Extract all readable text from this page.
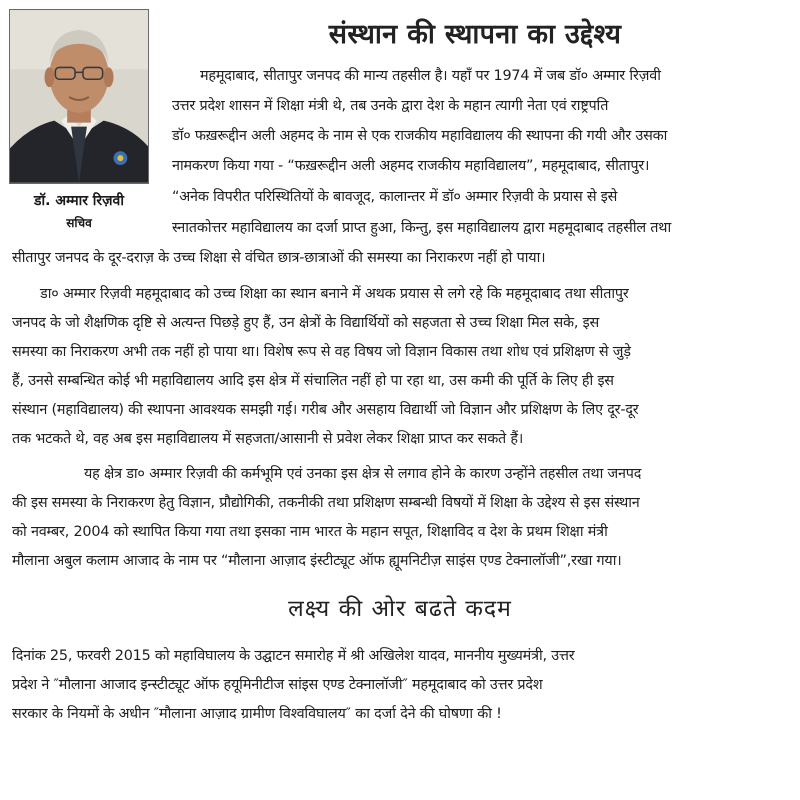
डॉ. अम्मार रिज़वी
सचिव
संस्थान की स्थापना का उद्देश्य
महमूदाबाद, सीतापुर जनपद की मान्य तहसील है। यहाँ पर 1974 में जब डॉ० अम्मार रिज़वी
उत्तर प्रदेश शासन में शिक्षा मंत्री थे, तब उनके द्वारा देश के महान त्यागी नेता एवं राष्ट्रपति
डॉ० फख़रूद्दीन अली अहमद के नाम से एक राजकीय महाविद्यालय की स्थापना की गयी और उसका
नामकरण किया गया - “फख़रूद्दीन अली अहमद राजकीय महाविद्यालय”, महमूदाबाद, सीतापुर।
“अनेक विपरीत परिस्थितियों के बावजूद, कालान्तर में डॉ० अम्मार रिज़वी के प्रयास से इसे
स्नातकोत्तर महाविद्यालय का दर्जा प्राप्त हुआ, किन्तु, इस महाविद्यालय द्वारा महमूदाबाद तहसील तथा
सीतापुर जनपद के दूर-दराज़ के उच्च शिक्षा से वंचित छात्र-छात्राओं की समस्या का निराकरण नहीं हो पाया।
डा० अम्मार रिज़वी महमूदाबाद को उच्च शिक्षा का स्थान बनाने में अथक प्रयास से लगे रहे कि महमूदाबाद तथा सीतापुर
जनपद के जो शैक्षणिक दृष्टि से अत्यन्त पिछड़े हुए हैं, उन क्षेत्रों के विद्यार्थियों को सहजता से उच्च शिक्षा मिल सके, इस
समस्या का निराकरण अभी तक नहीं हो पाया था। विशेष रूप से वह विषय जो विज्ञान विकास तथा शोध एवं प्रशिक्षण से जुड़े
हैं, उनसे सम्बन्धित कोई भी महाविद्यालय आदि इस क्षेत्र में संचालित नहीं हो पा रहा था, उस कमी की पूर्ति के लिए ही इस
संस्थान (महाविद्यालय) की स्थापना आवश्यक समझी गई। गरीब और असहाय विद्यार्थी जो विज्ञान और प्रशिक्षण के लिए दूर-दूर
तक भटकते थे, वह अब इस महाविद्यालय में सहजता/आसानी से प्रवेश लेकर शिक्षा प्राप्त कर सकते हैं।
यह क्षेत्र डा० अम्मार रिज़वी की कर्मभूमि एवं उनका इस क्षेत्र से लगाव होने के कारण उन्होंने तहसील तथा जनपद
की इस समस्या के निराकरण हेतु विज्ञान, प्रौद्योगिकी, तकनीकी तथा प्रशिक्षण सम्बन्धी विषयों में शिक्षा के उद्देश्य से इस संस्थान
को नवम्बर, 2004 को स्थापित किया गया तथा इसका नाम भारत के महान सपूत, शिक्षाविद व देश के प्रथम शिक्षा मंत्री
मौलाना अबुल कलाम आजाद के नाम पर “मौलाना आज़ाद इंस्टीट्यूट ऑफ ह्यूमनिटीज़ साइंस एण्ड टेक्नालॉजी”,रखा गया।
लक्ष्य की ओर बढते कदम
दिनांक 25, फरवरी 2015 को महाविघालय के उद्घाटन समारोह में श्री अखिलेश यादव, माननीय मुख्यमंत्री, उत्तर
प्रदेश ने ″मौलाना आजाद इन्स्टीट्यूट ऑफ हयूमिनीटीज सांइस एण्ड टेक्नालॉजी″ महमूदाबाद को उत्तर प्रदेश
सरकार के नियमों के अधीन ″मौलाना आज़ाद ग्रामीण विश्वविघालय″ का दर्जा देने की घोषणा की !
